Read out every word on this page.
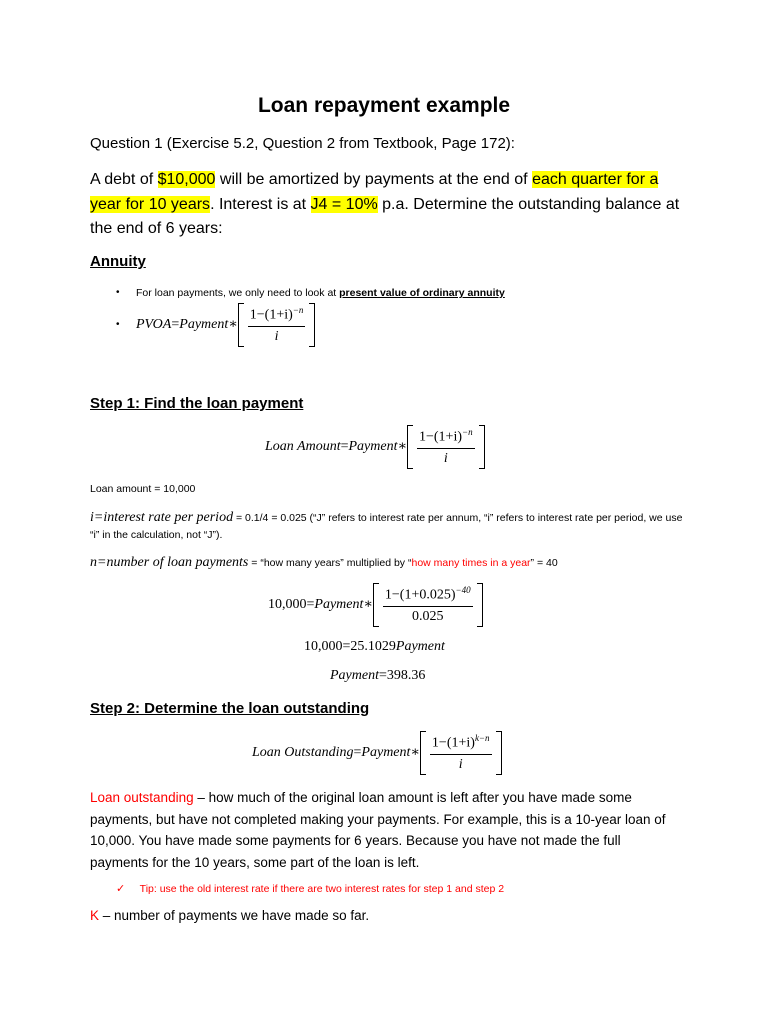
Loan repayment example
Question 1 (Exercise 5.2, Question 2 from Textbook, Page 172):
A debt of $10,000 will be amortized by payments at the end of each quarter for a year for 10 years. Interest is at J4 = 10% p.a. Determine the outstanding balance at the end of 6 years:
Annuity
• For loan payments, we only need to look at present value of ordinary annuity
• PVOA = Payment ∗ $\frac{1-(1+i)^{-n}}{i}$
Step 1: Find the loan payment
Loan Amount = Payment ∗ $\frac{1-(1+i)^{-n}}{i}$
Loan amount = 10,000
i=interest rate per period = 0.1/4 = 0.025 (“J” refers to interest rate per annum, “i” refers to interest rate per period, we use “i” in the calculation, not “J”).
n=number of loan payments = “how many years” multiplied by “how many times in a year” = 40
10,000 = Payment ∗ $\frac{1-(1+0.025)^{-40}}{0.025}$
10,000 = 25.1029 Payment
Payment = 398.36
Step 2: Determine the loan outstanding
Loan Outstanding = Payment ∗ $\frac{1-(1+i)^{k-n}}{i}$
Loan outstanding – how much of the original loan amount is left after you have made some payments, but have not completed making your payments. For example, this is a 10-year loan of 10,000. You have made some payments for 6 years. Because you have not made the full payments for the 10 years, some part of the loan is left.
✓ Tip: use the old interest rate if there are two interest rates for step 1 and step 2
K – number of payments we have made so far.
